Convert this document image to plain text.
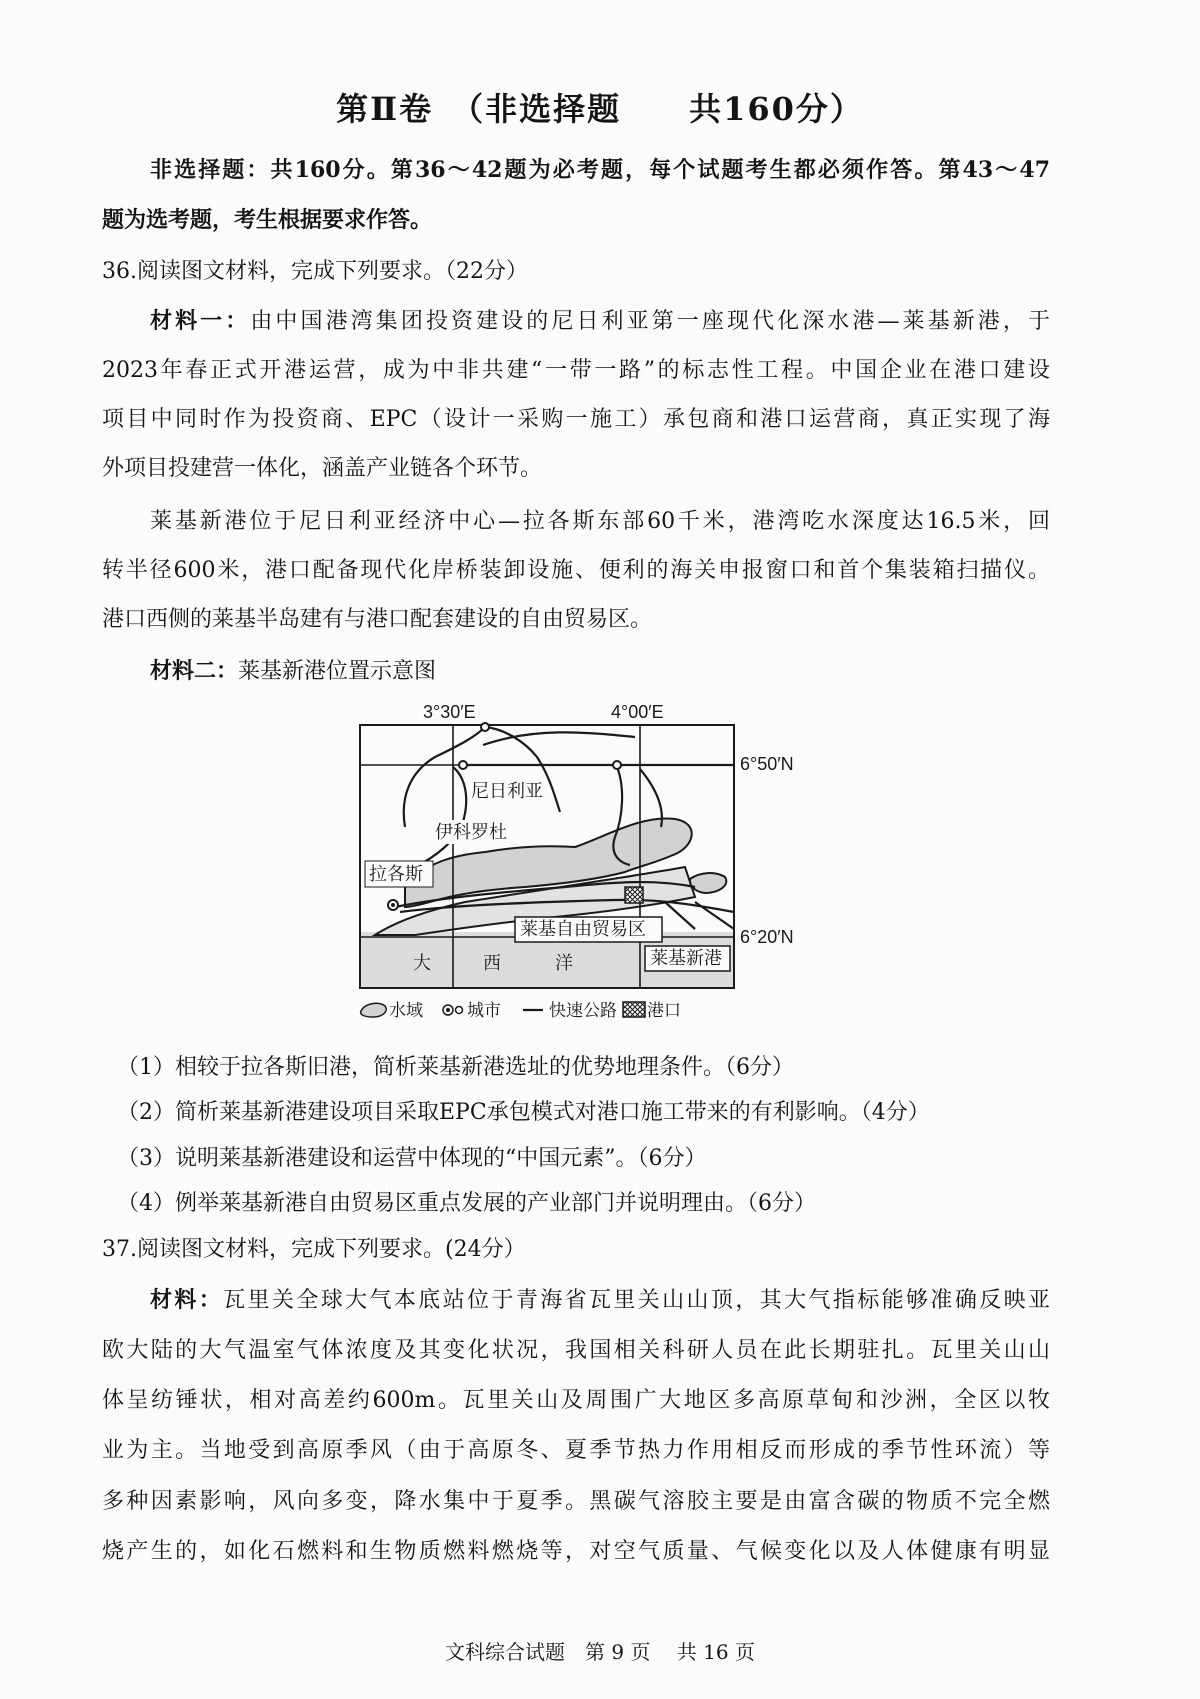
第Ⅱ卷　（非选择题　　共160分）
非选择题：共160分。第36～42题为必考题，每个试题考生都必须作答。第43～47
题为选考题，考生根据要求作答。
36.阅读图文材料，完成下列要求。（22分）
材料一：由中国港湾集团投资建设的尼日利亚第一座现代化深水港—莱基新港，于
2023年春正式开港运营，成为中非共建“一带一路”的标志性工程。中国企业在港口建设
项目中同时作为投资商、EPC（设计一采购一施工）承包商和港口运营商，真正实现了海
外项目投建营一体化，涵盖产业链各个环节。
莱基新港位于尼日利亚经济中心—拉各斯东部60千米，港湾吃水深度达16.5米，回
转半径600米，港口配备现代化岸桥装卸设施、便利的海关申报窗口和首个集装箱扫描仪。
港口西侧的莱基半岛建有与港口配套建设的自由贸易区。
材料二：莱基新港位置示意图
3°30′E	4°00′E
6°50′N
6°20′N
尼日利亚
伊科罗杜
拉各斯
莱基自由贸易区
莱基新港
大	西	洋
水域	城市	快速公路 港口
（1）相较于拉各斯旧港，简析莱基新港选址的优势地理条件。（6分）
（2）简析莱基新港建设项目采取EPC承包模式对港口施工带来的有利影响。（4分）
（3）说明莱基新港建设和运营中体现的“中国元素”。（6分）
（4）例举莱基新港自由贸易区重点发展的产业部门并说明理由。（6分）
37.阅读图文材料，完成下列要求。(24分）
材料：瓦里关全球大气本底站位于青海省瓦里关山山顶，其大气指标能够准确反映亚
欧大陆的大气温室气体浓度及其变化状况，我国相关科研人员在此长期驻扎。瓦里关山山
体呈纺锤状，相对高差约600m。瓦里关山及周围广大地区多高原草甸和沙洲，全区以牧
业为主。当地受到高原季风（由于高原冬、夏季节热力作用相反而形成的季节性环流）等
多种因素影响，风向多变，降水集中于夏季。黑碳气溶胶主要是由富含碳的物质不完全燃
烧产生的，如化石燃料和生物质燃料燃烧等，对空气质量、气候变化以及人体健康有明显
文科综合试题　第 9 页　 共 16 页
